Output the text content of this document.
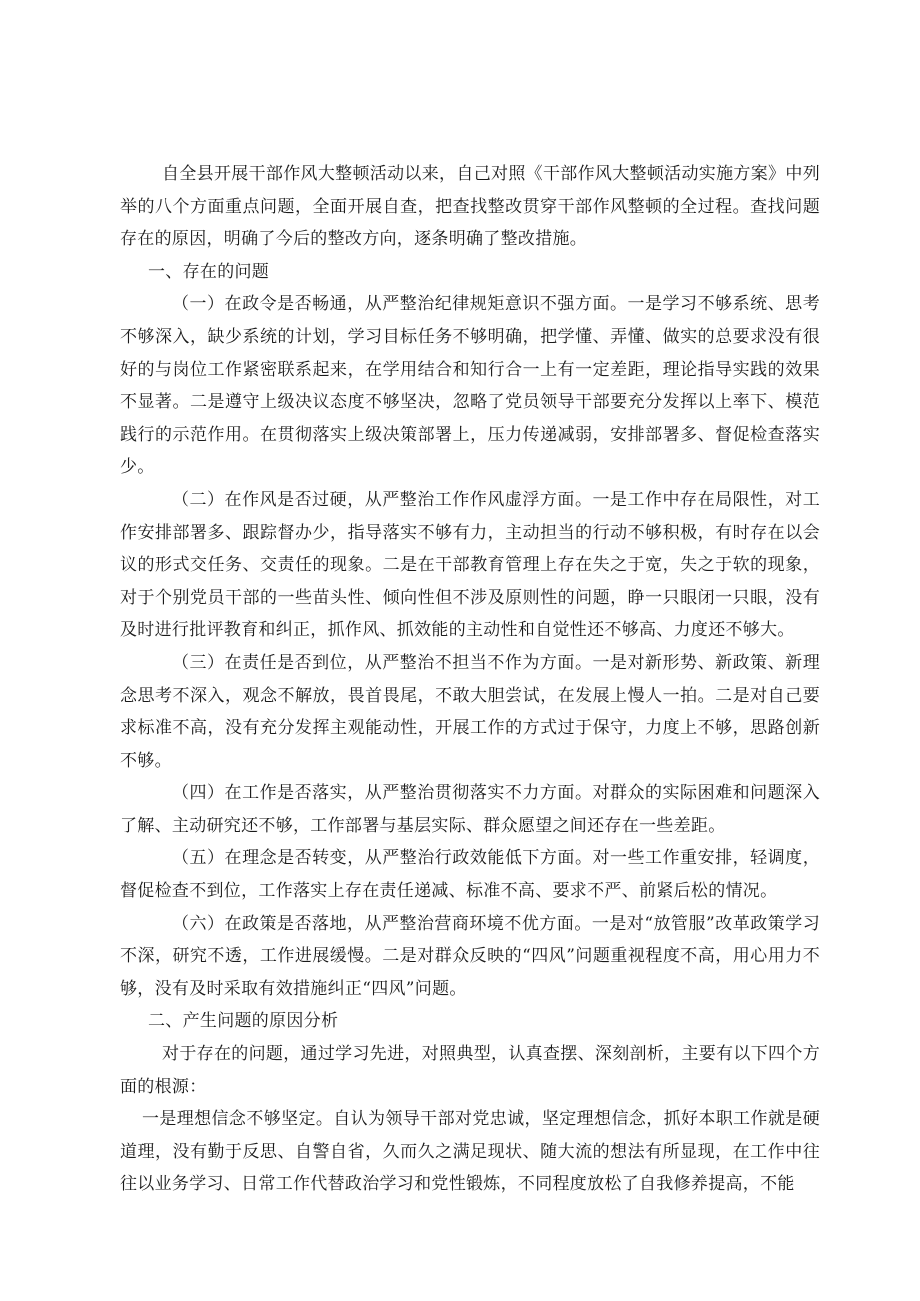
自全县开展干部作风大整顿活动以来，自己对照《干部作风大整顿活动实施方案》中列举的八个方面重点问题，全面开展自查，把查找整改贯穿干部作风整顿的全过程。查找问题存在的原因，明确了今后的整改方向，逐条明确了整改措施。

一、存在的问题

（一）在政令是否畅通，从严整治纪律规矩意识不强方面。一是学习不够系统、思考不够深入，缺少系统的计划，学习目标任务不够明确，把学懂、弄懂、做实的总要求没有很好的与岗位工作紧密联系起来，在学用结合和知行合一上有一定差距，理论指导实践的效果不显著。二是遵守上级决议态度不够坚决，忽略了党员领导干部要充分发挥以上率下、模范践行的示范作用。在贯彻落实上级决策部署上，压力传递减弱，安排部署多、督促检查落实少。

（二）在作风是否过硬，从严整治工作作风虚浮方面。一是工作中存在局限性，对工作安排部署多、跟踪督办少，指导落实不够有力，主动担当的行动不够积极，有时存在以会议的形式交任务、交责任的现象。二是在干部教育管理上存在失之于宽，失之于软的现象，对于个别党员干部的一些苗头性、倾向性但不涉及原则性的问题，睁一只眼闭一只眼，没有及时进行批评教育和纠正，抓作风、抓效能的主动性和自觉性还不够高、力度还不够大。

（三）在责任是否到位，从严整治不担当不作为方面。一是对新形势、新政策、新理念思考不深入，观念不解放，畏首畏尾，不敢大胆尝试，在发展上慢人一拍。二是对自己要求标准不高，没有充分发挥主观能动性，开展工作的方式过于保守，力度上不够，思路创新不够。

（四）在工作是否落实，从严整治贯彻落实不力方面。对群众的实际困难和问题深入了解、主动研究还不够，工作部署与基层实际、群众愿望之间还存在一些差距。

（五）在理念是否转变，从严整治行政效能低下方面。对一些工作重安排，轻调度，督促检查不到位，工作落实上存在责任递减、标准不高、要求不严、前紧后松的情况。

（六）在政策是否落地，从严整治营商环境不优方面。一是对“放管服”改革政策学习不深，研究不透，工作进展缓慢。二是对群众反映的“四风”问题重视程度不高，用心用力不够，没有及时采取有效措施纠正“四风”问题。

二、产生问题的原因分析

对于存在的问题，通过学习先进，对照典型，认真查摆、深刻剖析，主要有以下四个方面的根源：

一是理想信念不够坚定。自认为领导干部对党忠诚，坚定理想信念，抓好本职工作就是硬道理，没有勤于反思、自警自省，久而久之满足现状、随大流的想法有所显现，在工作中往往以业务学习、日常工作代替政治学习和党性锻炼，不同程度放松了自我修养提高，不能
